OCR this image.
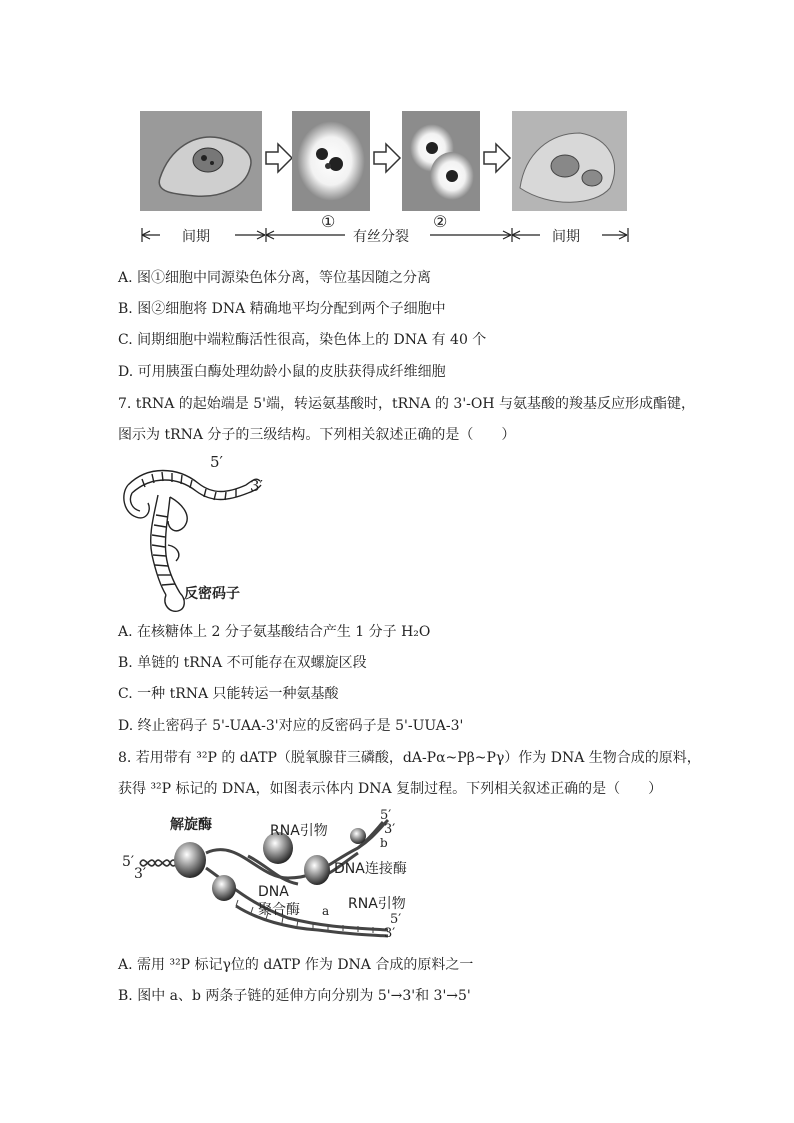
间期	有丝分裂	间期
①	②
A. 图①细胞中同源染色体分离，等位基因随之分离
B. 图②细胞将 DNA 精确地平均分配到两个子细胞中
C. 间期细胞中端粒酶活性很高，染色体上的 DNA 有 40 个
D. 可用胰蛋白酶处理幼龄小鼠的皮肤获得成纤维细胞
7. tRNA 的起始端是 5'端，转运氨基酸时，tRNA 的 3'-OH 与氨基酸的羧基反应形成酯键，
图示为 tRNA 分子的三级结构。下列相关叙述正确的是（　　）
5′
3′
反密码子
A. 在核糖体上 2 分子氨基酸结合产生 1 分子 H₂O
B. 单链的 tRNA 不可能存在双螺旋区段
C. 一种 tRNA 只能转运一种氨基酸
D. 终止密码子 5'-UAA-3'对应的反密码子是 5'-UUA-3'
8. 若用带有 ³²P 的 dATP（脱氧腺苷三磷酸，dA-Pα~Pβ~Pγ）作为 DNA 生物合成的原料，
获得 ³²P 标记的 DNA，如图表示体内 DNA 复制过程。下列相关叙述正确的是（　　）
解旋酶	RNA引物
DNA连接酶
DNA
聚合酶	RNA引物
a
b
5′
3′
5′
3′
5′
3′
A. 需用 ³²P 标记γ位的 dATP 作为 DNA 合成的原料之一
B. 图中 a、b 两条子链的延伸方向分别为 5'→3'和 3'→5'
